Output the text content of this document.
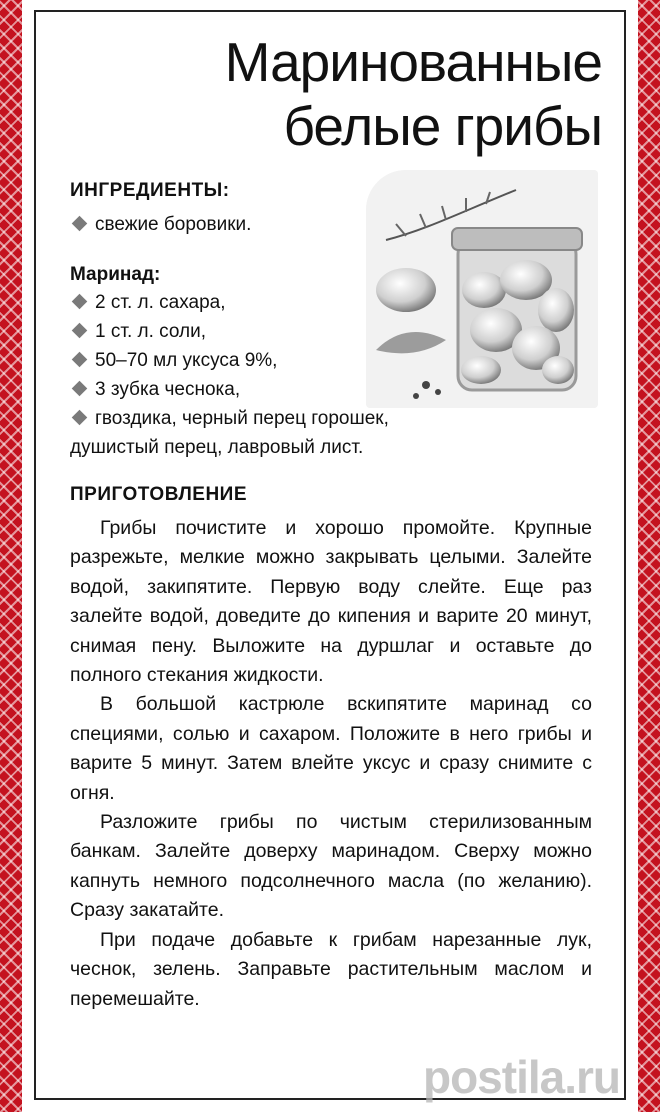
Маринованные
белые грибы
ИНГРЕДИЕНТЫ:
свежие боровики.
Маринад:
2 ст. л. сахара,
1 ст. л. соли,
50–70 мл уксуса 9%,
3 зубка чеснока,
гвоздика, черный перец горошек,
душистый перец, лавровый лист.
ПРИГОТОВЛЕНИЕ

Грибы почистите и хорошо промойте. Крупные разрежьте, мелкие можно закрывать целыми. Залейте водой, закипятите. Первую воду слейте. Еще раз залейте водой, доведите до кипения и варите 20 минут, снимая пену. Выложите на дуршлаг и оставьте до полного стекания жидкости.

В большой кастрюле вскипятите маринад со специями, солью и сахаром. Положите в него грибы и варите 5 минут. Затем влейте уксус и сразу снимите с огня.

Разложите грибы по чистым стерилизованным банкам. Залейте доверху маринадом. Сверху можно капнуть немного подсолнечного масла (по желанию). Сразу закатайте.

При подаче добавьте к грибам нарезанные лук, чеснок, зелень. Заправьте растительным маслом и перемешайте.

postila.ru
